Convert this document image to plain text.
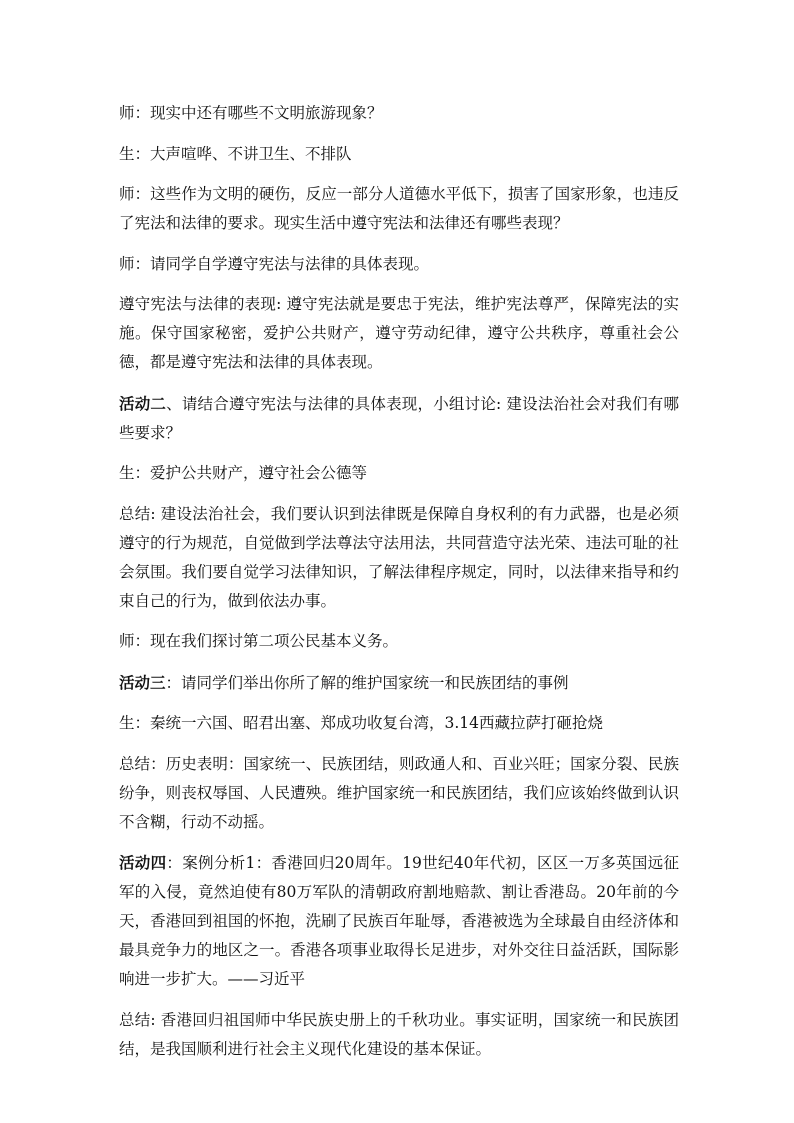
师：现实中还有哪些不文明旅游现象？

生：大声喧哗、不讲卫生、不排队

师：这些作为文明的硬伤，反应一部分人道德水平低下，损害了国家形象，也违反了宪法和法律的要求。现实生活中遵守宪法和法律还有哪些表现？

师：请同学自学遵守宪法与法律的具体表现。

遵守宪法与法律的表现: 遵守宪法就是要忠于宪法，维护宪法尊严，保障宪法的实施。保守国家秘密，爱护公共财产，遵守劳动纪律，遵守公共秩序，尊重社会公德，都是遵守宪法和法律的具体表现。

活动二、请结合遵守宪法与法律的具体表现，小组讨论: 建设法治社会对我们有哪些要求？

生：爱护公共财产，遵守社会公德等

总结: 建设法治社会，我们要认识到法律既是保障自身权利的有力武器，也是必须遵守的行为规范，自觉做到学法尊法守法用法，共同营造守法光荣、违法可耻的社会氛围。我们要自觉学习法律知识，了解法律程序规定，同时，以法律来指导和约束自己的行为，做到依法办事。

师：现在我们探讨第二项公民基本义务。

活动三：请同学们举出你所了解的维护国家统一和民族团结的事例

生：秦统一六国、昭君出塞、郑成功收复台湾，3.14西藏拉萨打砸抢烧

总结：历史表明：国家统一、民族团结，则政通人和、百业兴旺；国家分裂、民族纷争，则丧权辱国、人民遭殃。维护国家统一和民族团结，我们应该始终做到认识不含糊，行动不动摇。

活动四：案例分析1：香港回归20周年。19世纪40年代初，区区一万多英国远征军的入侵，竟然迫使有80万军队的清朝政府割地赔款、割让香港岛。20年前的今天，香港回到祖国的怀抱，洗刷了民族百年耻辱，香港被选为全球最自由经济体和最具竞争力的地区之一。香港各项事业取得长足进步，对外交往日益活跃，国际影响进一步扩大。——习近平

总结: 香港回归祖国师中华民族史册上的千秋功业。事实证明，国家统一和民族团结，是我国顺利进行社会主义现代化建设的基本保证。
